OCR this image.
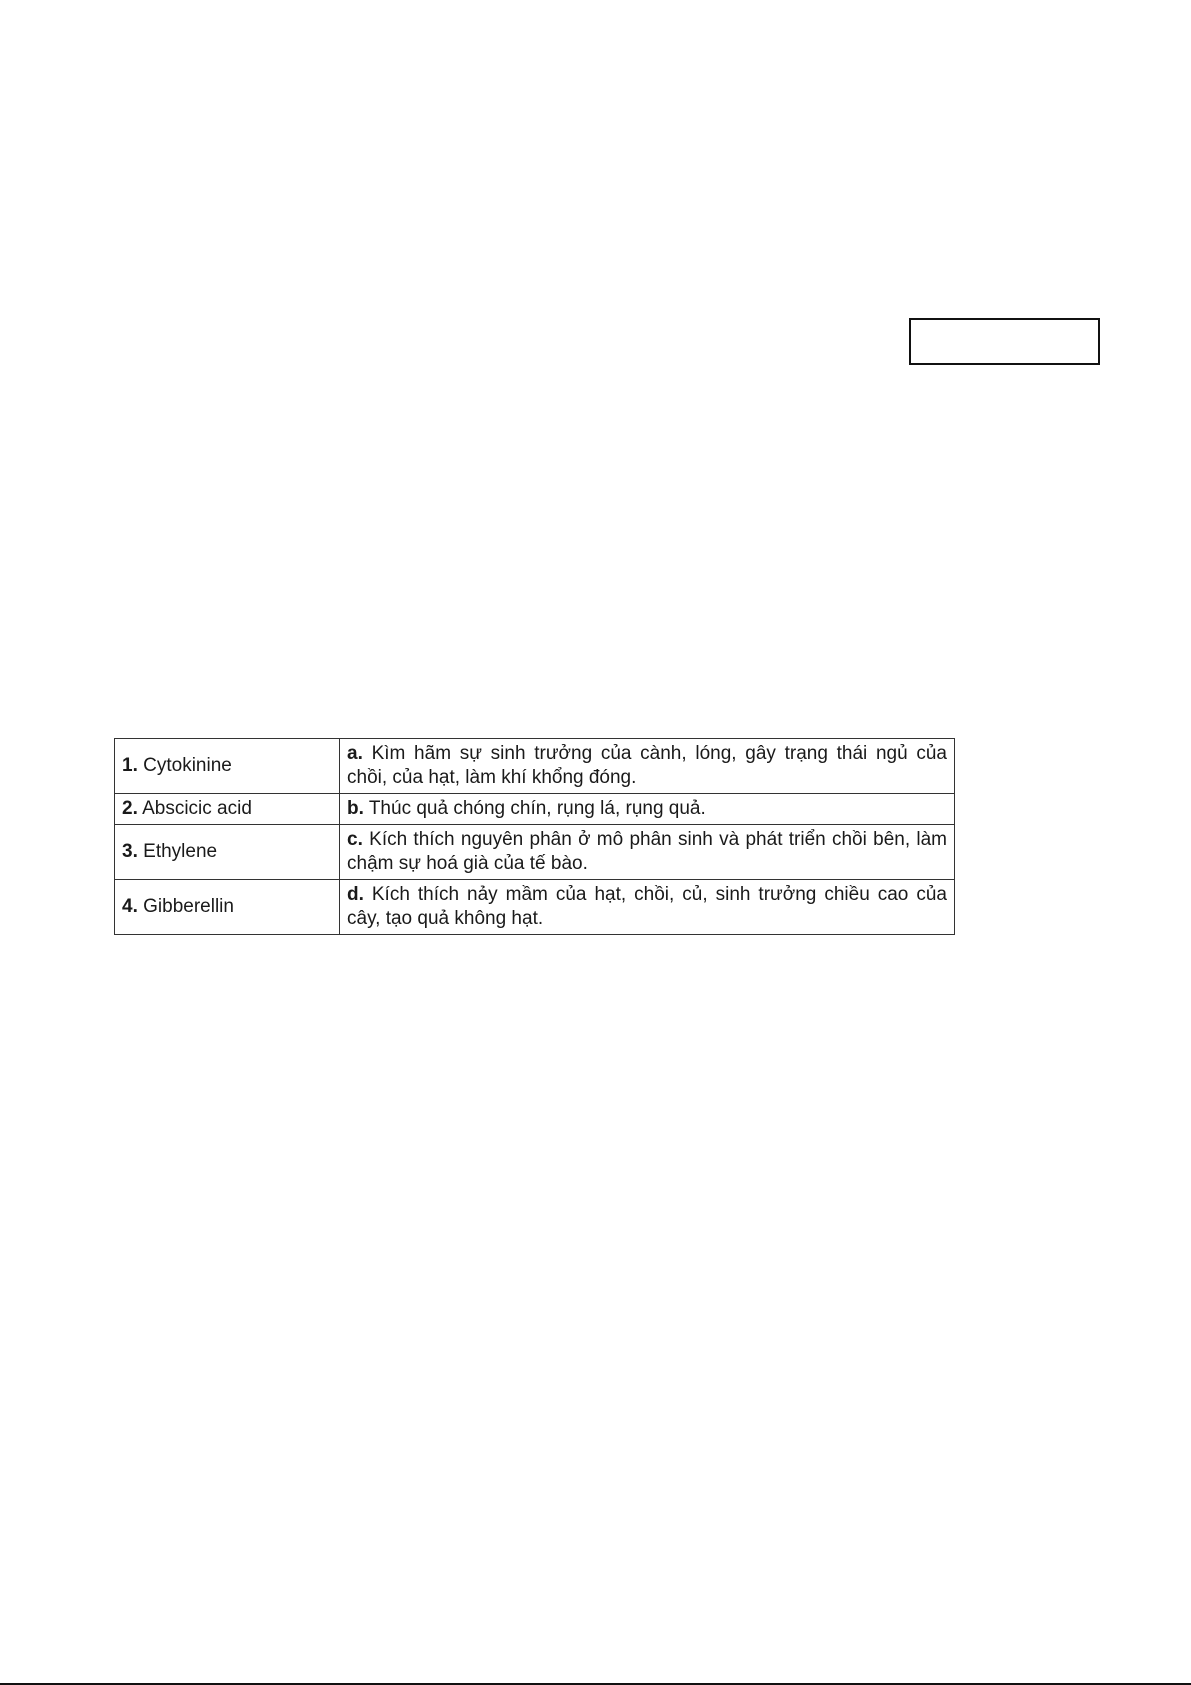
1. Cytokinine	a. Kìm hãm sự sinh trưởng của cành, lóng, gây trạng thái ngủ của chồi, của hạt, làm khí khổng đóng.
2. Abscicic acid	b. Thúc quả chóng chín, rụng lá, rụng quả.
3. Ethylene	c. Kích thích nguyên phân ở mô phân sinh và phát triển chồi bên, làm chậm sự hoá già của tế bào.
4. Gibberellin	d. Kích thích nảy mầm của hạt, chồi, củ, sinh trưởng chiều cao của cây, tạo quả không hạt.
